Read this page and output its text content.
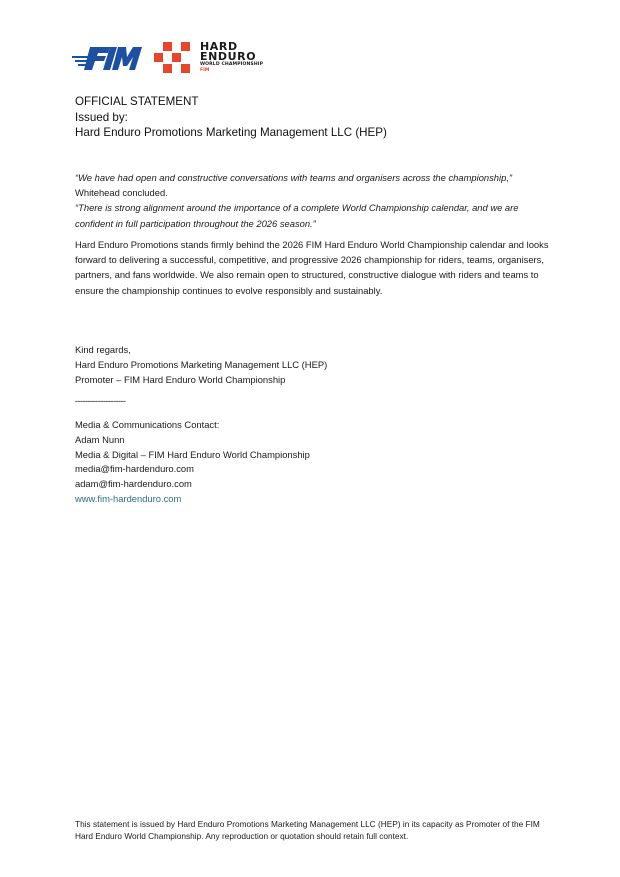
HARD
ENDURO
WORLD CHAMPIONSHIP
FIM
OFFICIAL STATEMENT
Issued by:
Hard Enduro Promotions Marketing Management LLC (HEP)

“We have had open and constructive conversations with teams and organisers across the championship,” Whitehead concluded.

“There is strong alignment around the importance of a complete World Championship calendar, and we are confident in full participation throughout the 2026 season.”

Hard Enduro Promotions stands firmly behind the 2026 FIM Hard Enduro World Championship calendar and looks forward to delivering a successful, competitive, and progressive 2026 championship for riders, teams, organisers, partners, and fans worldwide. We also remain open to structured, constructive dialogue with riders and teams to ensure the championship continues to evolve responsibly and sustainably.

Kind regards,
Hard Enduro Promotions Marketing Management LLC (HEP)
Promoter – FIM Hard Enduro World Championship
--------------------
Media & Communications Contact:
Adam Nunn
Media & Digital – FIM Hard Enduro World Championship
media@fim-hardenduro.com
adam@fim-hardenduro.com
www.fim-hardenduro.com

This statement is issued by Hard Enduro Promotions Marketing Management LLC (HEP) in its capacity as Promoter of the FIM Hard Enduro World Championship. Any reproduction or quotation should retain full context.
